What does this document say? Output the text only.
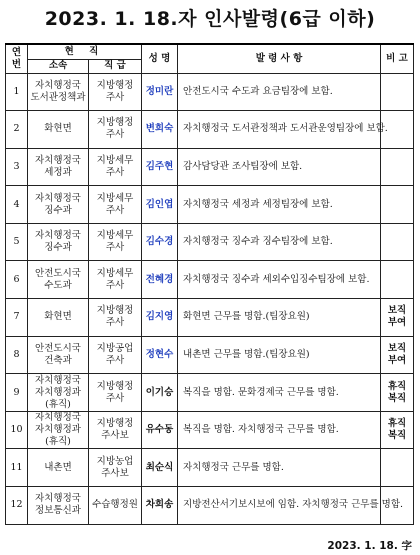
2023. 1. 18.자 인사발령(6급 이하)
연번	현 직		성 명	발 령 사 항	비 고
	소속	직 급			
1	자치행정국 도서관정책과	지방행정 주사	정미란	안전도시국 수도과 요금팀장에 보함.	
2	화현면	지방행정 주사	변희숙	자치행정국 도서관정책과 도서관운영팀장에 보함.	
3	자치행정국 세정과	지방세무 주사	김주현	감사담당관 조사팀장에 보함.	
4	자치행정국 징수과	지방세무 주사	김인엽	자치행정국 세정과 세정팀장에 보함.	
5	자치행정국 징수과	지방세무 주사	김수경	자치행정국 징수과 징수팀장에 보함.	
6	안전도시국 수도과	지방세무 주사	전혜경	자치행정국 징수과 세외수입징수팀장에 보함.	
7	화현면	지방행정 주사	김지영	화현면 근무를 명함.(팀장요원)	보직 부여
8	안전도시국 건축과	지방공업 주사	정현수	내촌면 근무를 명함.(팀장요원)	보직 부여
9	자치행정국 자치행정과 (휴직)	지방행정 주사	이기승	복직을 명함. 문화경제국 근무를 명함.	휴직 복직
10	자치행정국 자치행정과 (휴직)	지방행정 주사보	유수동	복직을 명함. 자치행정국 근무를 명함.	휴직 복직
11	내촌면	지방농업 주사보	최순식	자치행정국 근무를 명함.	
12	자치행정국 정보통신과	수습행정원	차희송	지방전산서기보시보에 임함. 자치행정국 근무를 명함.	
2023. 1. 18. 字
